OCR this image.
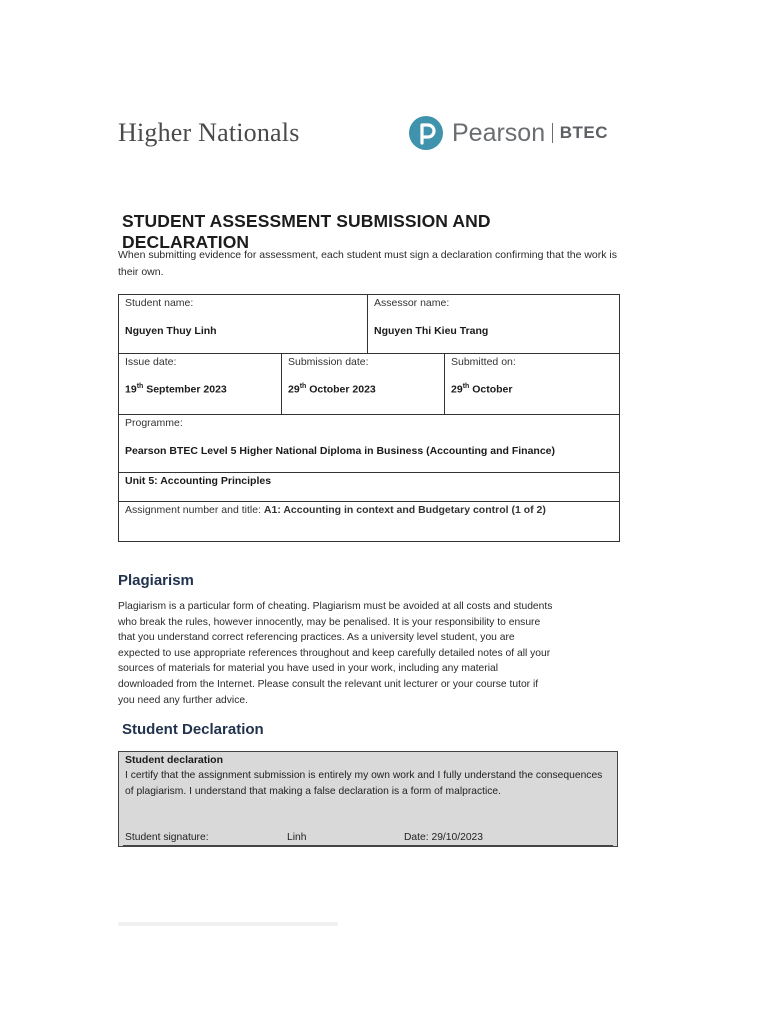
Higher Nationals	Pearson BTEC
STUDENT ASSESSMENT SUBMISSION AND DECLARATION
When submitting evidence for assessment, each student must sign a declaration confirming that the work is their own.
Student name:
Nguyen Thuy Linh
Assessor name:
Nguyen Thi Kieu Trang
Issue date:
19th September 2023
Submission date:
29th October 2023
Submitted on:
29th October
Programme:
Pearson BTEC Level 5 Higher National Diploma in Business (Accounting and Finance)
Unit 5: Accounting Principles
Assignment number and title: A1: Accounting in context and Budgetary control (1 of 2)
Plagiarism
Plagiarism is a particular form of cheating. Plagiarism must be avoided at all costs and students
who break the rules, however innocently, may be penalised. It is your responsibility to ensure
that you understand correct referencing practices. As a university level student, you are
expected to use appropriate references throughout and keep carefully detailed notes of all your
sources of materials for material you have used in your work, including any material
downloaded from the Internet. Please consult the relevant unit lecturer or your course tutor if
you need any further advice.
Student Declaration
Student declaration
I certify that the assignment submission is entirely my own work and I fully understand the consequences of plagiarism. I understand that making a false declaration is a form of malpractice.
Student signature:	Linh	Date: 29/10/2023
